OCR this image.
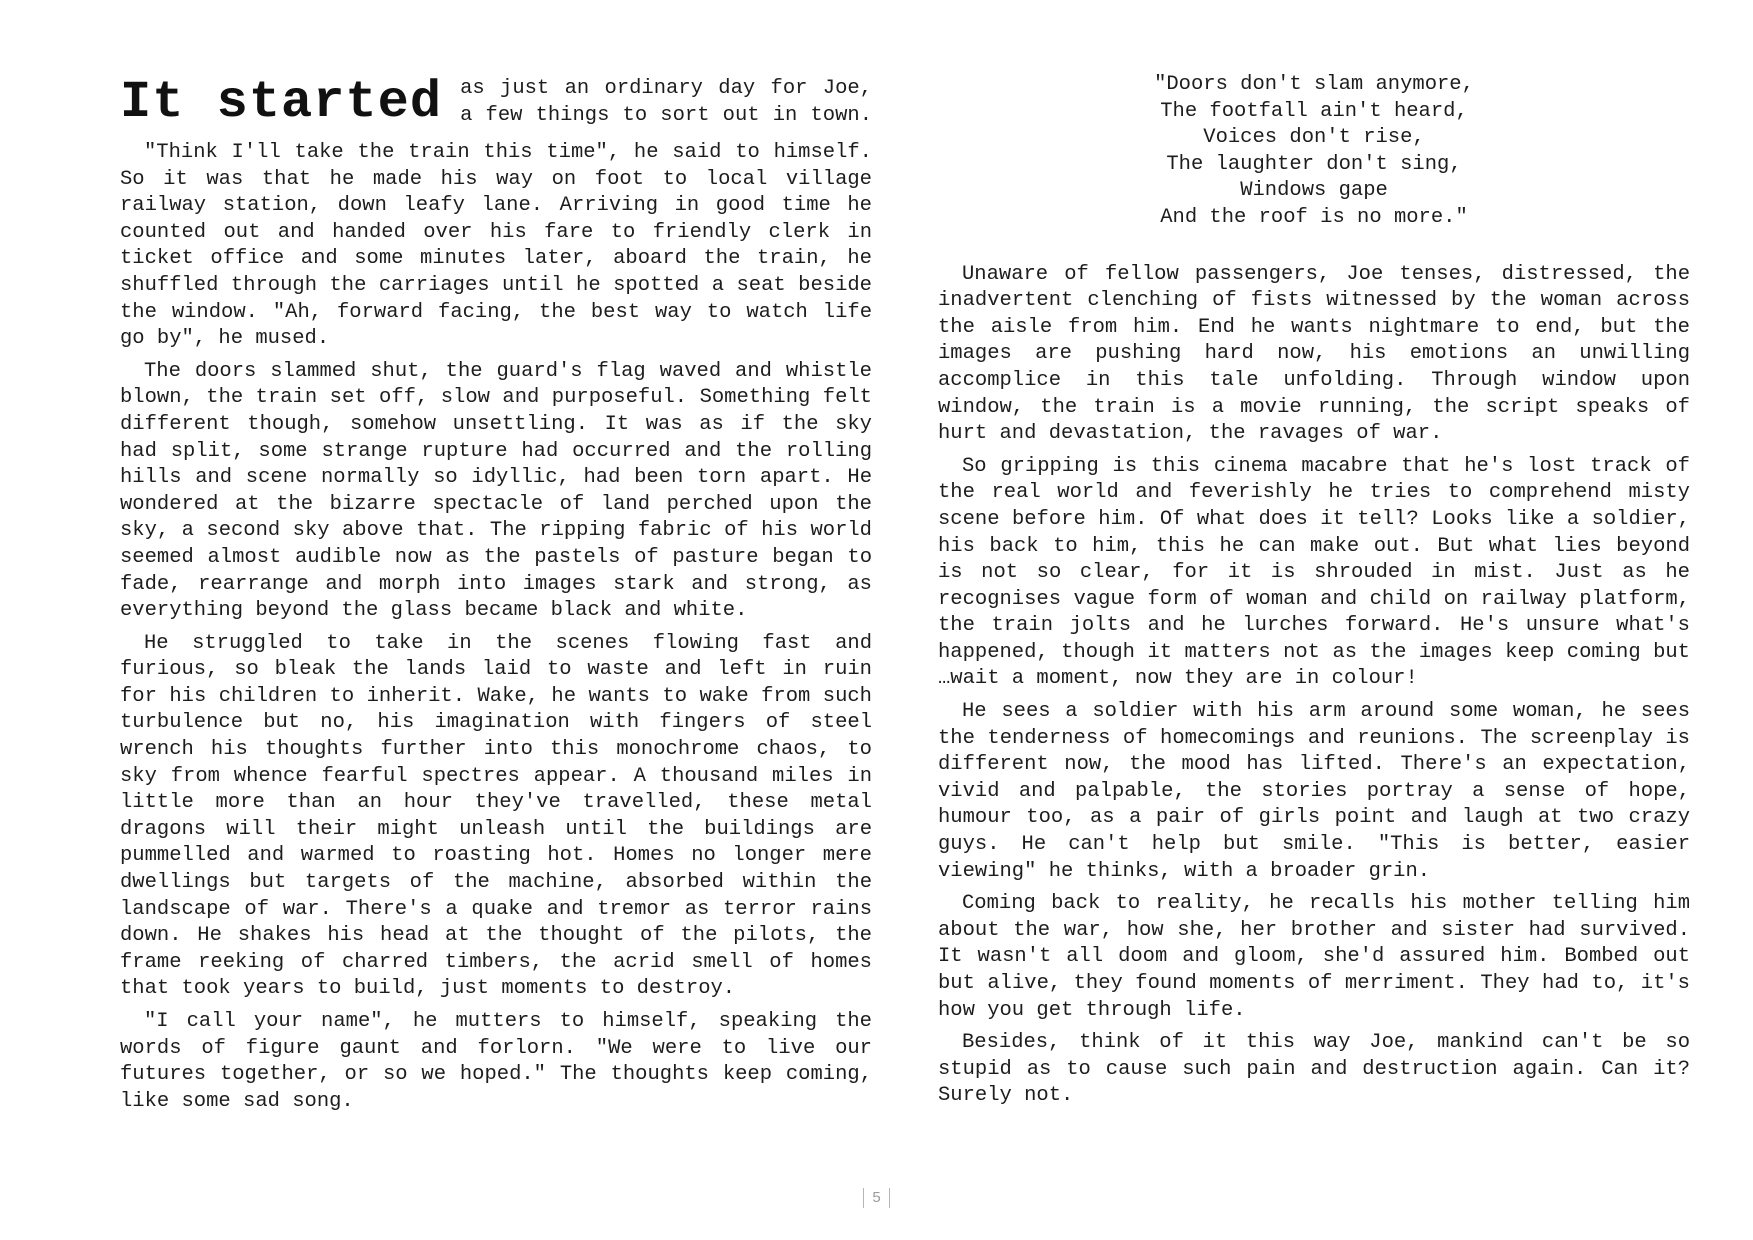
It started as just an ordinary day for Joe, a few things to sort out in town.

"Think I'll take the train this time", he said to himself. So it was that he made his way on foot to local village railway station, down leafy lane. Arriving in good time he counted out and handed over his fare to friendly clerk in ticket office and some minutes later, aboard the train, he shuffled through the carriages until he spotted a seat beside the window. "Ah, forward facing, the best way to watch life go by", he mused.

The doors slammed shut, the guard's flag waved and whistle blown, the train set off, slow and purposeful. Something felt different though, somehow unsettling. It was as if the sky had split, some strange rupture had occurred and the rolling hills and scene normally so idyllic, had been torn apart. He wondered at the bizarre spectacle of land perched upon the sky, a second sky above that. The ripping fabric of his world seemed almost audible now as the pastels of pasture began to fade, rearrange and morph into images stark and strong, as everything beyond the glass became black and white.

He struggled to take in the scenes flowing fast and furious, so bleak the lands laid to waste and left in ruin for his children to inherit. Wake, he wants to wake from such turbulence but no, his imagination with fingers of steel wrench his thoughts further into this monochrome chaos, to sky from whence fearful spectres appear. A thousand miles in little more than an hour they've travelled, these metal dragons will their might unleash until the buildings are pummelled and warmed to roasting hot. Homes no longer mere dwellings but targets of the machine, absorbed within the landscape of war. There's a quake and tremor as terror rains down. He shakes his head at the thought of the pilots, the frame reeking of charred timbers, the acrid smell of homes that took years to build, just moments to destroy.

"I call your name", he mutters to himself, speaking the words of figure gaunt and forlorn. "We were to live our futures together, or so we hoped." The thoughts keep coming, like some sad song.

"Doors don't slam anymore,
The footfall ain't heard,
Voices don't rise,
The laughter don't sing,
Windows gape
And the roof is no more."

Unaware of fellow passengers, Joe tenses, distressed, the inadvertent clenching of fists witnessed by the woman across the aisle from him. End he wants nightmare to end, but the images are pushing hard now, his emotions an unwilling accomplice in this tale unfolding. Through window upon window, the train is a movie running, the script speaks of hurt and devastation, the ravages of war.

So gripping is this cinema macabre that he's lost track of the real world and feverishly he tries to comprehend misty scene before him. Of what does it tell? Looks like a soldier, his back to him, this he can make out. But what lies beyond is not so clear, for it is shrouded in mist. Just as he recognises vague form of woman and child on railway platform, the train jolts and he lurches forward. He's unsure what's happened, though it matters not as the images keep coming but …wait a moment, now they are in colour!

He sees a soldier with his arm around some woman, he sees the tenderness of homecomings and reunions. The screenplay is different now, the mood has lifted. There's an expectation, vivid and palpable, the stories portray a sense of hope, humour too, as a pair of girls point and laugh at two crazy guys. He can't help but smile. "This is better, easier viewing" he thinks, with a broader grin.

Coming back to reality, he recalls his mother telling him about the war, how she, her brother and sister had survived. It wasn't all doom and gloom, she'd assured him. Bombed out but alive, they found moments of merriment. They had to, it's how you get through life.

Besides, think of it this way Joe, mankind can't be so stupid as to cause such pain and destruction again. Can it? Surely not.

5
